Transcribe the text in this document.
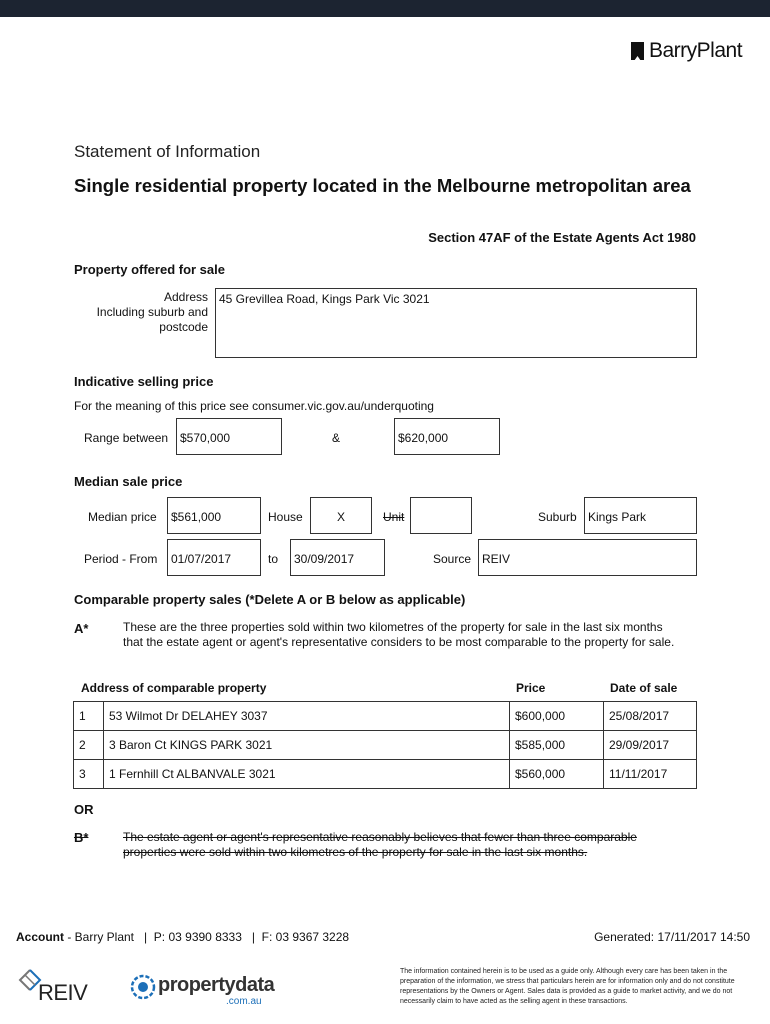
BarryPlant
Statement of Information
Single residential property located in the Melbourne metropolitan area
Section 47AF of the Estate Agents Act 1980
Property offered for sale
Address
Including suburb and
postcode
45 Grevillea Road, Kings Park Vic 3021
Indicative selling price
For the meaning of this price see consumer.vic.gov.au/underquoting
Range between $570,000	&	$620,000
Median sale price
Median price	$561,000	House	X	Unit	Suburb Kings Park
Period - From	01/07/2017	to	30/09/2017	Source REIV
Comparable property sales (*Delete A or B below as applicable)
A*	These are the three properties sold within two kilometres of the property for sale in the last six months that the estate agent or agent's representative considers to be most comparable to the property for sale.
Address of comparable property	Price	Date of sale
1	53 Wilmot Dr DELAHEY 3037	$600,000	25/08/2017
2	3 Baron Ct KINGS PARK 3021	$585,000	29/09/2017
3	1 Fernhill Ct ALBANVALE 3021	$560,000	11/11/2017
OR
B*	The estate agent or agent's representative reasonably believes that fewer than three comparable properties were sold within two kilometres of the property for sale in the last six months.
Account - Barry Plant   |  P: 03 9390 8333   |  F: 03 9367 3228	Generated: 17/11/2017 14:50
REIV	propertydata
.com.au
The information contained herein is to be used as a guide only. Although every care has been taken in the preparation of the information, we stress that particulars herein are for information only and do not constitute representations by the Owners or Agent. Sales data is provided as a guide to market activity, and we do not necessarily claim to have acted as the selling agent in these transactions.
